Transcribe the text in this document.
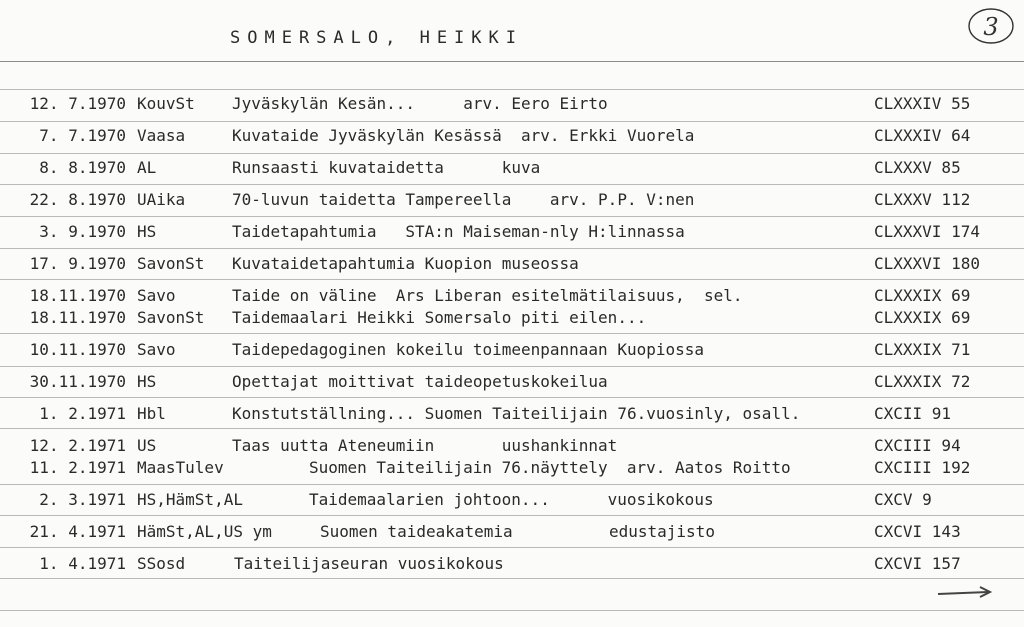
SOMERSALO, HEIKKI	3
12. 7.1970 KouvSt Jyväskylän Kesän...     arv. Eero Eirto	CLXXXIV 55
7. 7.1970 Vaasa	Kuvataide Jyväskylän Kesässä  arv. Erkki Vuorela	CLXXXIV 64
8. 8.1970 AL	Runsaasti kuvataidetta      kuva	CLXXXV 85
22. 8.1970 UAika	70-luvun taidetta Tampereella    arv. P.P. V:nen	CLXXXV 112
3. 9.1970 HS	Taidetapahtumia   STA:n Maiseman-nly H:linnassa	CLXXXVI 174
17. 9.1970 SavonSt Kuvataidetapahtumia Kuopion museossa	CLXXXVI 180
18.11.1970 Savo	Taide on väline  Ars Liberan esitelmätilaisuus,  sel.	CLXXXIX 69
18.11.1970 SavonSt Taidemaalari Heikki Somersalo piti eilen...	CLXXXIX 69
10.11.1970 Savo	Taidepedagoginen kokeilu toimeenpannaan Kuopiossa	CLXXXIX 71
30.11.1970 HS	Opettajat moittivat taideopetuskokeilua	CLXXXIX 72
1. 2.1971 Hbl	Konstutställning... Suomen Taiteilijain 76.vuosinly, osall.	CXCII 91
12. 2.1971 US	Taas uutta Ateneumiin       uushankinnat	CXCIII 94
11. 2.1971 MaasTulev	Suomen Taiteilijain 76.näyttely  arv. Aatos Roitto	CXCIII 192
2. 3.1971 HS,HämSt,AL	Taidemaalarien johtoon...      vuosikokous	CXCV 9
21. 4.1971 HämSt,AL,US ym	Suomen taideakatemia          edustajisto	CXCVI 143
1. 4.1971 SSosd	Taiteilijaseuran vuosikokous	CXCVI 157
